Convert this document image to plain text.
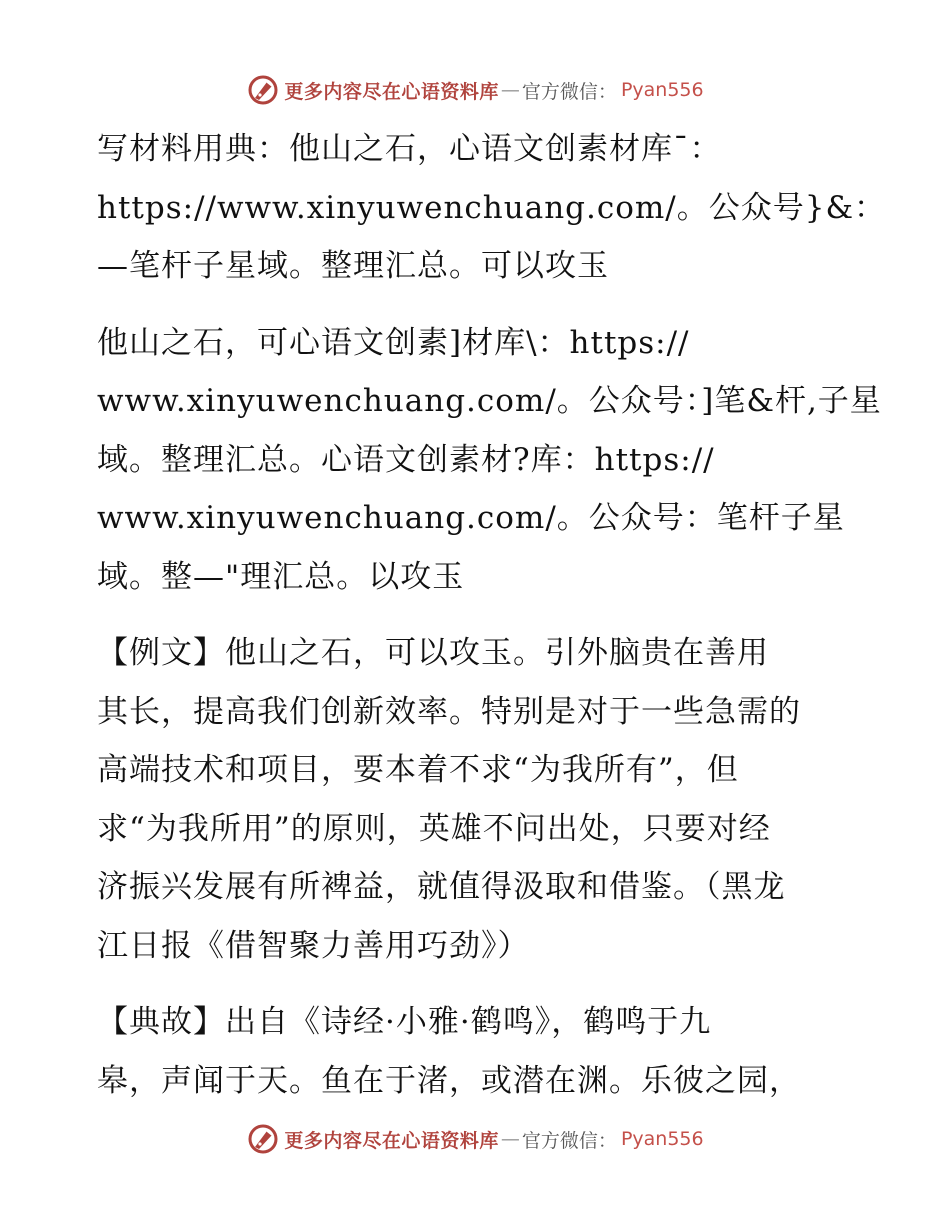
更多内容尽在心语资料库 — 官方微信： Pyan556
写材料用典：他山之石，心语文创素材库¯：
https://www.xinyuwenchuang.com/。公众号}&：
—笔杆子星域。整理汇总。可以攻玉
他山之石，可心语文创素]材库\：https://
www.xinyuwenchuang.com/。公众号：]笔&杆,子星
域。整理汇总。心语文创素材?库：https://
www.xinyuwenchuang.com/。公众号：笔杆子星
域。整—"理汇总。以攻玉
【例文】他山之石，可以攻玉。引外脑贵在善用
其长，提高我们创新效率。特别是对于一些急需的
高端技术和项目，要本着不求“为我所有”，但
求“为我所用”的原则，英雄不问出处，只要对经
济振兴发展有所裨益，就值得汲取和借鉴。（黑龙
江日报《借智聚力善用巧劲》）
【典故】出自《诗经·小雅·鹤鸣》，鹤鸣于九
皋，声闻于天。鱼在于渚，或潜在渊。乐彼之园，
更多内容尽在心语资料库 — 官方微信： Pyan556
